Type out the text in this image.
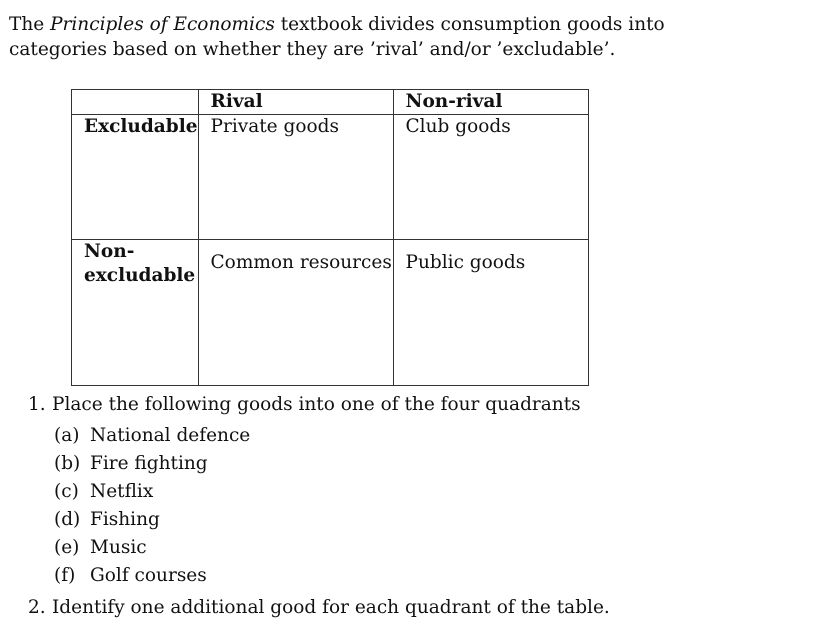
The Principles of Economics textbook divides consumption goods into
categories based on whether they are ’rival’ and/or ’excludable’.
	Rival	Non-rival
Excludable	Private goods	Club goods
Non-
excludable	Common resources	Public goods
1. Place the following goods into one of the four quadrants
(a) National defence
(b) Fire fighting
(c) Netflix
(d) Fishing
(e) Music
(f) Golf courses
2. Identify one additional good for each quadrant of the table.
